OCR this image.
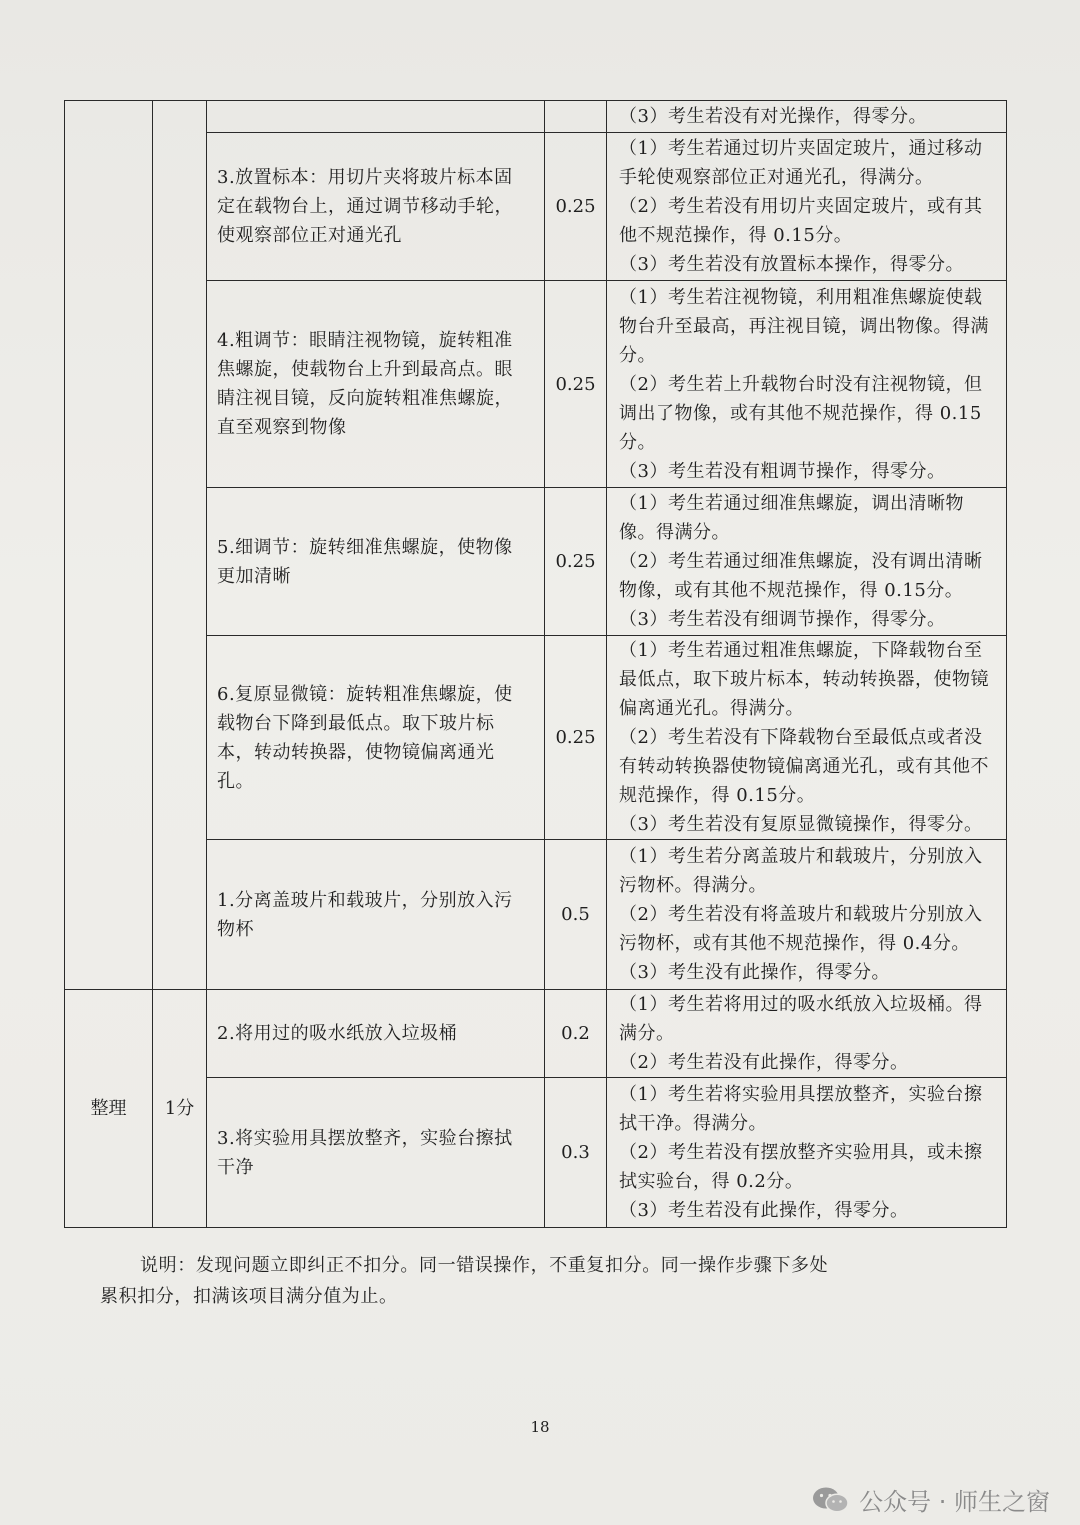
				（3）考生若没有对光操作，得零分。

		3.放置标本：用切片夹将玻片标本固定在载物台上，通过调节移动手轮，使观察部位正对通光孔	0.25	（1）考生若通过切片夹固定玻片，通过移动手轮使观察部位正对通光孔，得满分。

（2）考生若没有用切片夹固定玻片，或有其他不规范操作，得 0.15分。

（3）考生若没有放置标本操作，得零分。

		4.粗调节：眼睛注视物镜，旋转粗准焦螺旋，使载物台上升到最高点。眼睛注视目镜，反向旋转粗准焦螺旋，直至观察到物像	0.25	（1）考生若注视物镜，利用粗准焦螺旋使载物台升至最高，再注视目镜，调出物像。得满分。

（2）考生若上升载物台时没有注视物镜，但调出了物像，或有其他不规范操作，得 0.15分。

（3）考生若没有粗调节操作，得零分。

		5.细调节：旋转细准焦螺旋，使物像更加清晰	0.25	（1）考生若通过细准焦螺旋，调出清晰物像。得满分。

（2）考生若通过细准焦螺旋，没有调出清晰物像，或有其他不规范操作，得 0.15分。

（3）考生若没有细调节操作，得零分。

		6.复原显微镜：旋转粗准焦螺旋，使载物台下降到最低点。取下玻片标本，转动转换器，使物镜偏离通光孔。	0.25	（1）考生若通过粗准焦螺旋，下降载物台至最低点，取下玻片标本，转动转换器，使物镜偏离通光孔。得满分。

（2）考生若没有下降载物台至最低点或者没有转动转换器使物镜偏离通光孔，或有其他不规范操作，得 0.15分。

（3）考生若没有复原显微镜操作，得零分。

		1.分离盖玻片和载玻片，分别放入污物杯	0.5	（1）考生若分离盖玻片和载玻片，分别放入污物杯。得满分。

（2）考生若没有将盖玻片和载玻片分别放入污物杯，或有其他不规范操作，得 0.4分。

（3）考生没有此操作，得零分。

整理	1分	2.将用过的吸水纸放入垃圾桶	0.2	（1）考生若将用过的吸水纸放入垃圾桶。得满分。

（2）考生若没有此操作，得零分。

		3.将实验用具摆放整齐，实验台擦拭干净	0.3	（1）考生若将实验用具摆放整齐，实验台擦拭干净。得满分。

（2）考生若没有摆放整齐实验用具，或未擦拭实验台，得 0.2分。

（3）考生若没有此操作，得零分。

说明：发现问题立即纠正不扣分。同一错误操作，不重复扣分。同一操作步骤下多处
累积扣分，扣满该项目满分值为止。
18
公众号 · 师生之窗
